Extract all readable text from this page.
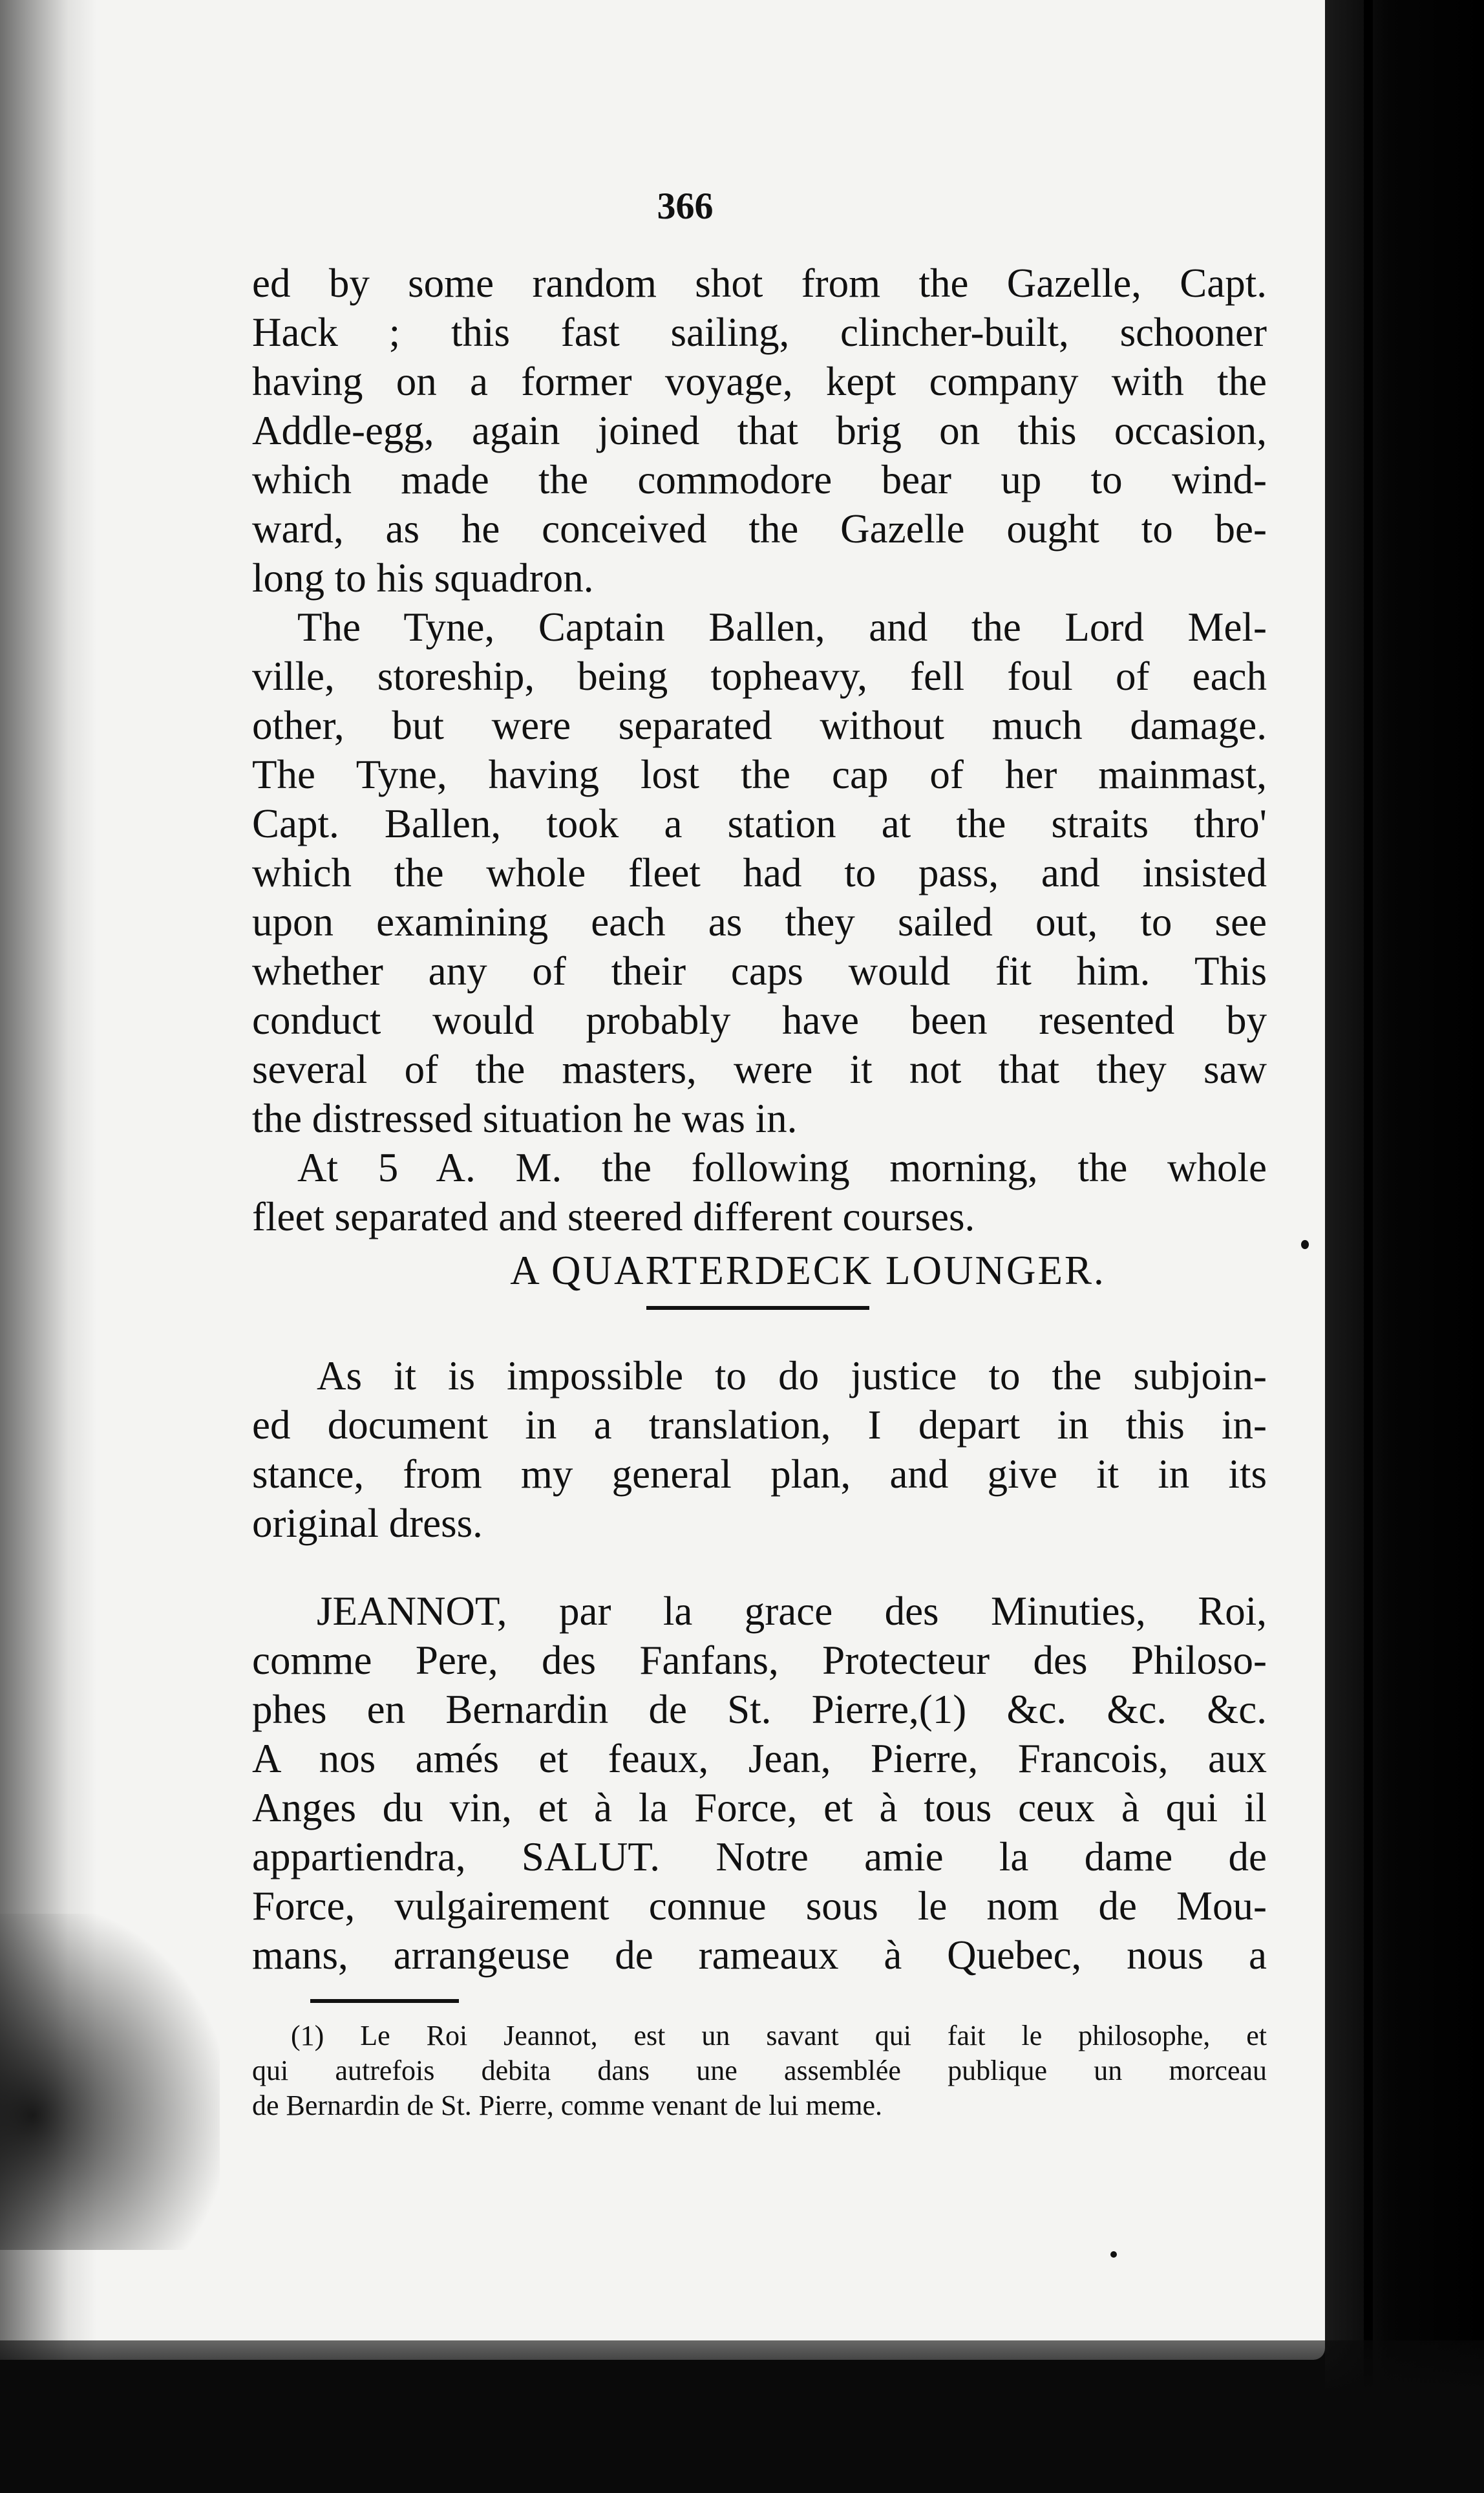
366
ed by some random shot from the Gazelle, Capt.
Hack ; this fast sailing, clincher-built, schooner
having on a former voyage, kept company with the
Addle-egg, again joined that brig on this occasion,
which made the commodore bear up to wind-
ward, as he conceived the Gazelle ought to be-
long to his squadron.
The Tyne, Captain Ballen, and the Lord Mel-
ville, storeship, being topheavy, fell foul of each
other, but were separated without much damage.
The Tyne, having lost the cap of her mainmast,
Capt. Ballen, took a station at the straits thro'
which the whole fleet had to pass, and insisted
upon examining each as they sailed out, to see
whether any of their caps would fit him. This
conduct would probably have been resented by
several of the masters, were it not that they saw
the distressed situation he was in.
At 5 A. M. the following morning, the whole
fleet separated and steered different courses.
A QUARTERDECK LOUNGER.
As it is impossible to do justice to the subjoin-
ed document in a translation, I depart in this in-
stance, from my general plan, and give it in its
original dress.
JEANNOT, par la grace des Minuties, Roi,
comme Pere, des Fanfans, Protecteur des Philoso-
phes en Bernardin de St. Pierre,(1) &c. &c. &c.
A nos amés et feaux, Jean, Pierre, Francois, aux
Anges du vin, et à la Force, et à tous ceux à qui il
appartiendra, SALUT. Notre amie la dame de
Force, vulgairement connue sous le nom de Mou-
mans, arrangeuse de rameaux à Quebec, nous a
(1) Le Roi Jeannot, est un savant qui fait le philosophe, et
qui autrefois debita dans une assemblée publique un morceau
de Bernardin de St. Pierre, comme venant de lui meme.
